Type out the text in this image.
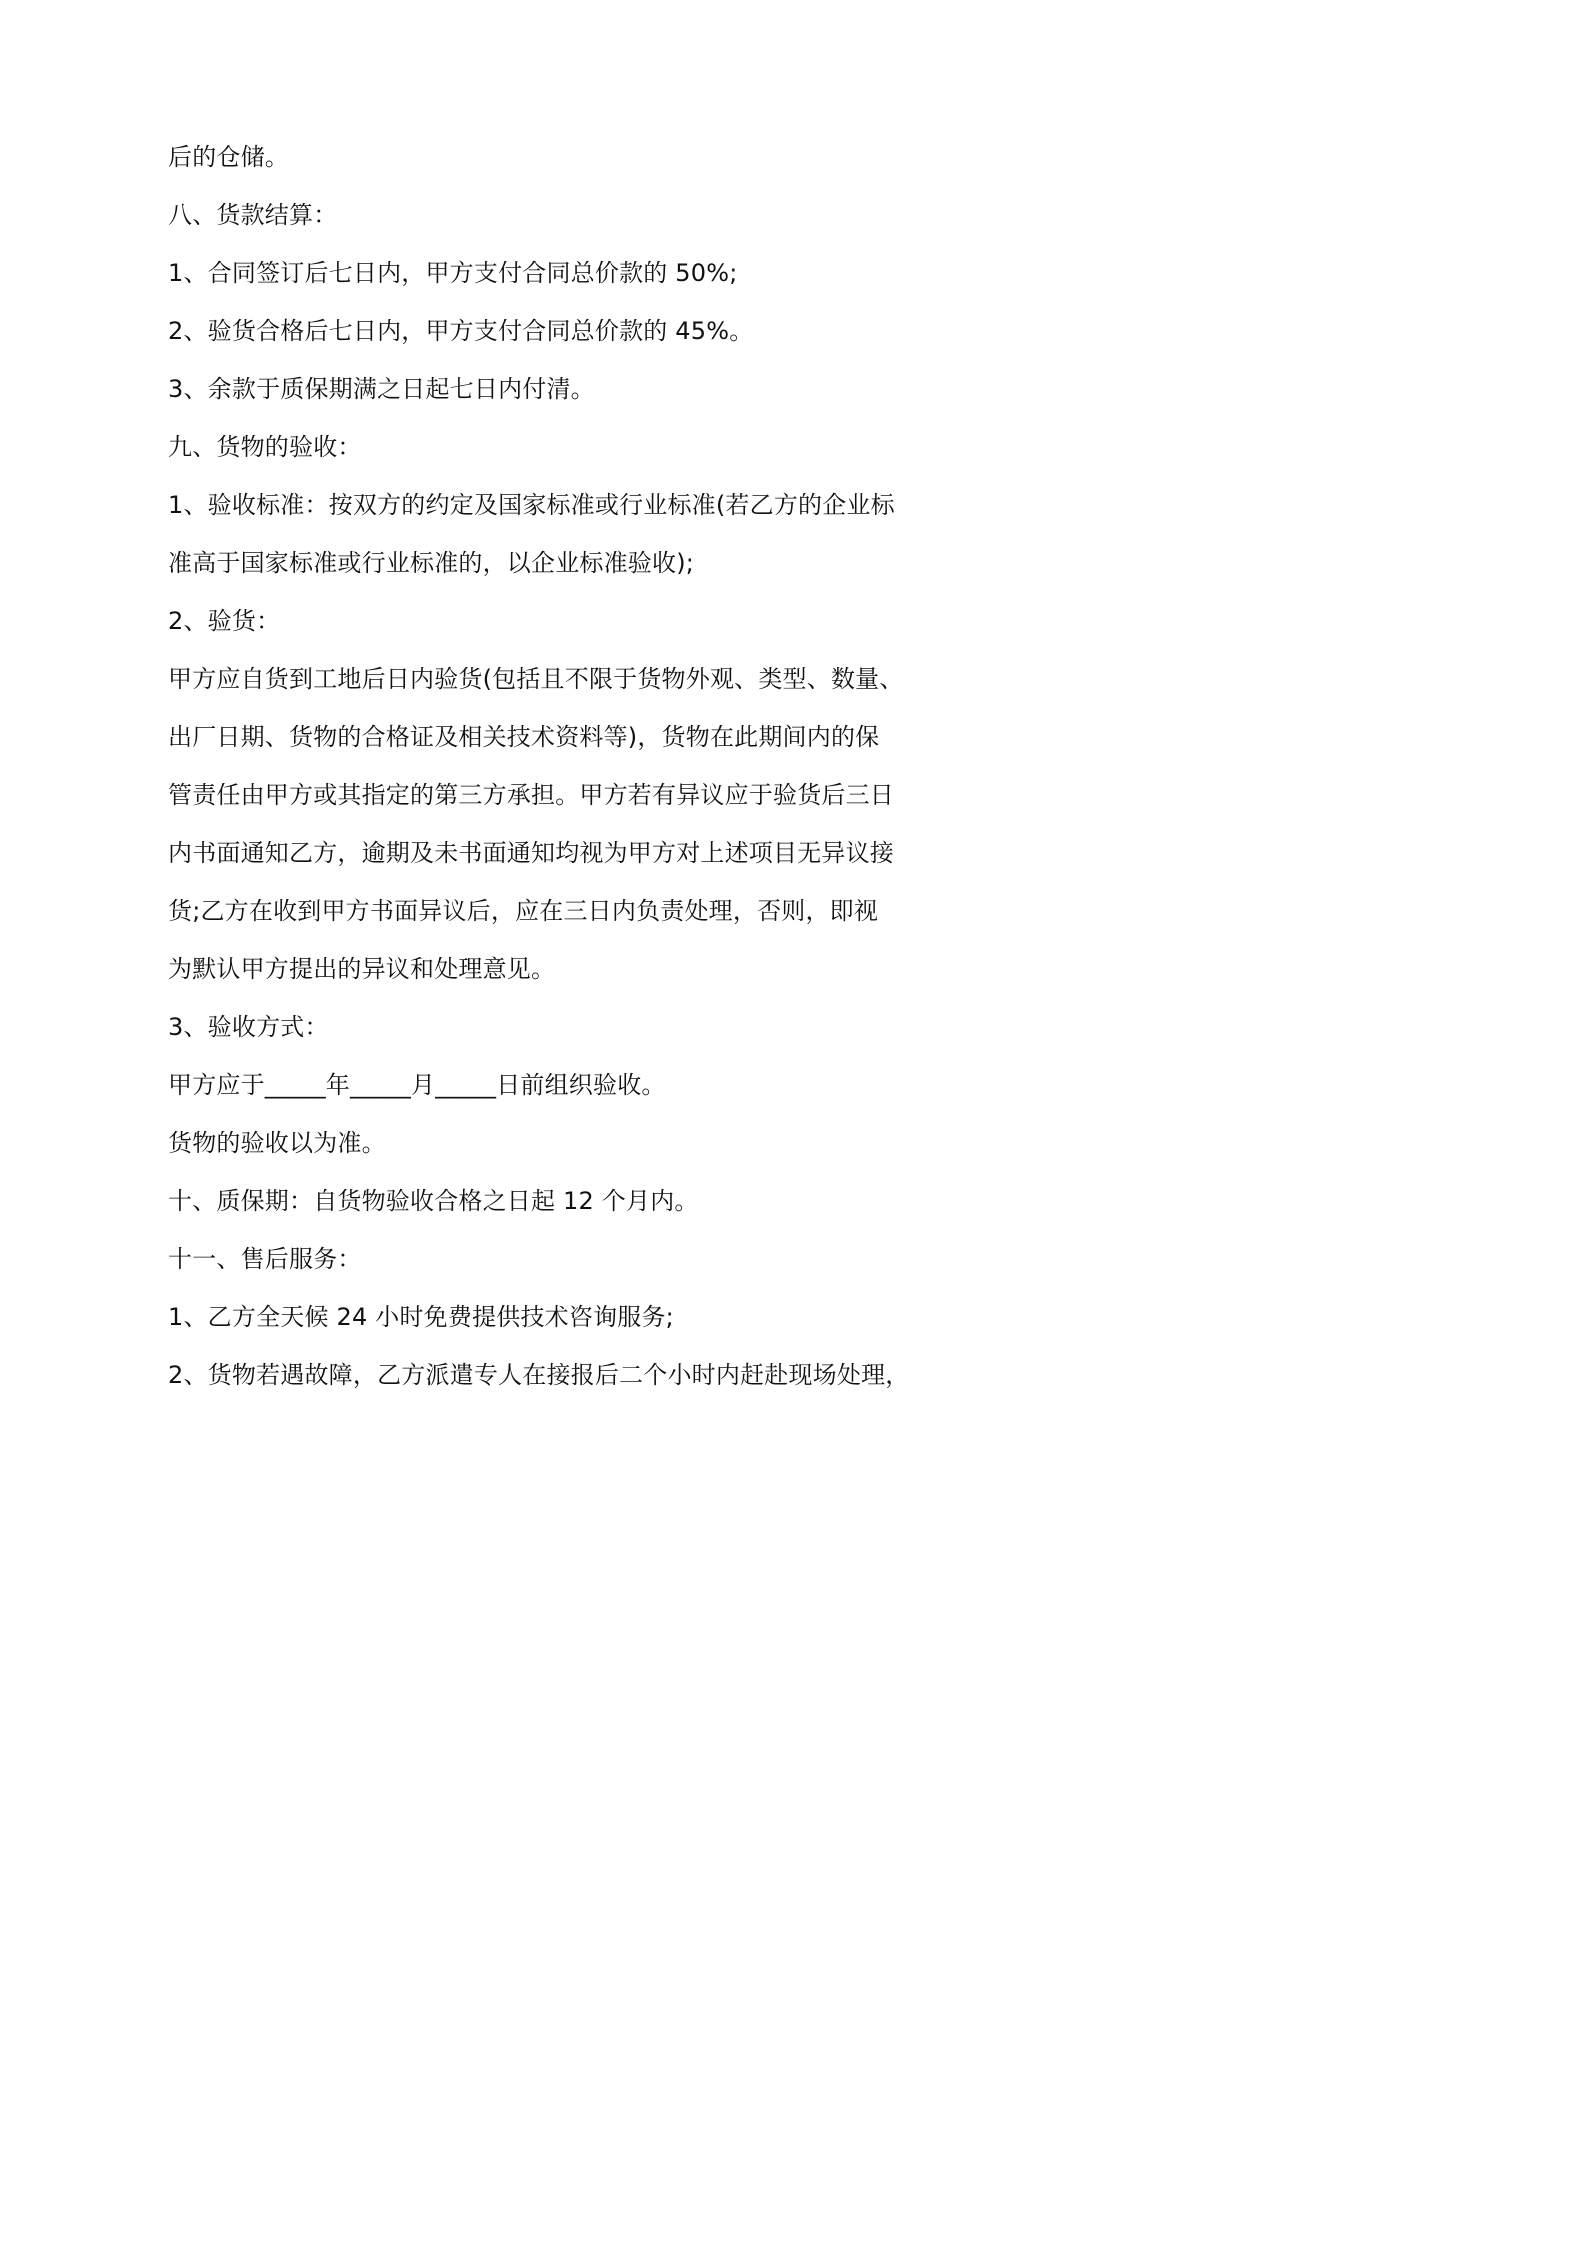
后的仓储。
八、货款结算：
1、合同签订后七日内，甲方支付合同总价款的 50%;
2、验货合格后七日内，甲方支付合同总价款的 45%。
3、余款于质保期满之日起七日内付清。
九、货物的验收：
1、验收标准：按双方的约定及国家标准或行业标准(若乙方的企业标
准高于国家标准或行业标准的，以企业标准验收);
2、验货：
甲方应自货到工地后日内验货(包括且不限于货物外观、类型、数量、
出厂日期、货物的合格证及相关技术资料等)，货物在此期间内的保
管责任由甲方或其指定的第三方承担。甲方若有异议应于验货后三日
内书面通知乙方，逾期及未书面通知均视为甲方对上述项目无异议接
货;乙方在收到甲方书面异议后，应在三日内负责处理，否则，即视
为默认甲方提出的异议和处理意见。
3、验收方式：
甲方应于_____年_____月_____日前组织验收。
货物的验收以为准。
十、质保期：自货物验收合格之日起 12 个月内。
十一、售后服务：
1、乙方全天候 24 小时免费提供技术咨询服务;
2、货物若遇故障，乙方派遣专人在接报后二个小时内赶赴现场处理，
